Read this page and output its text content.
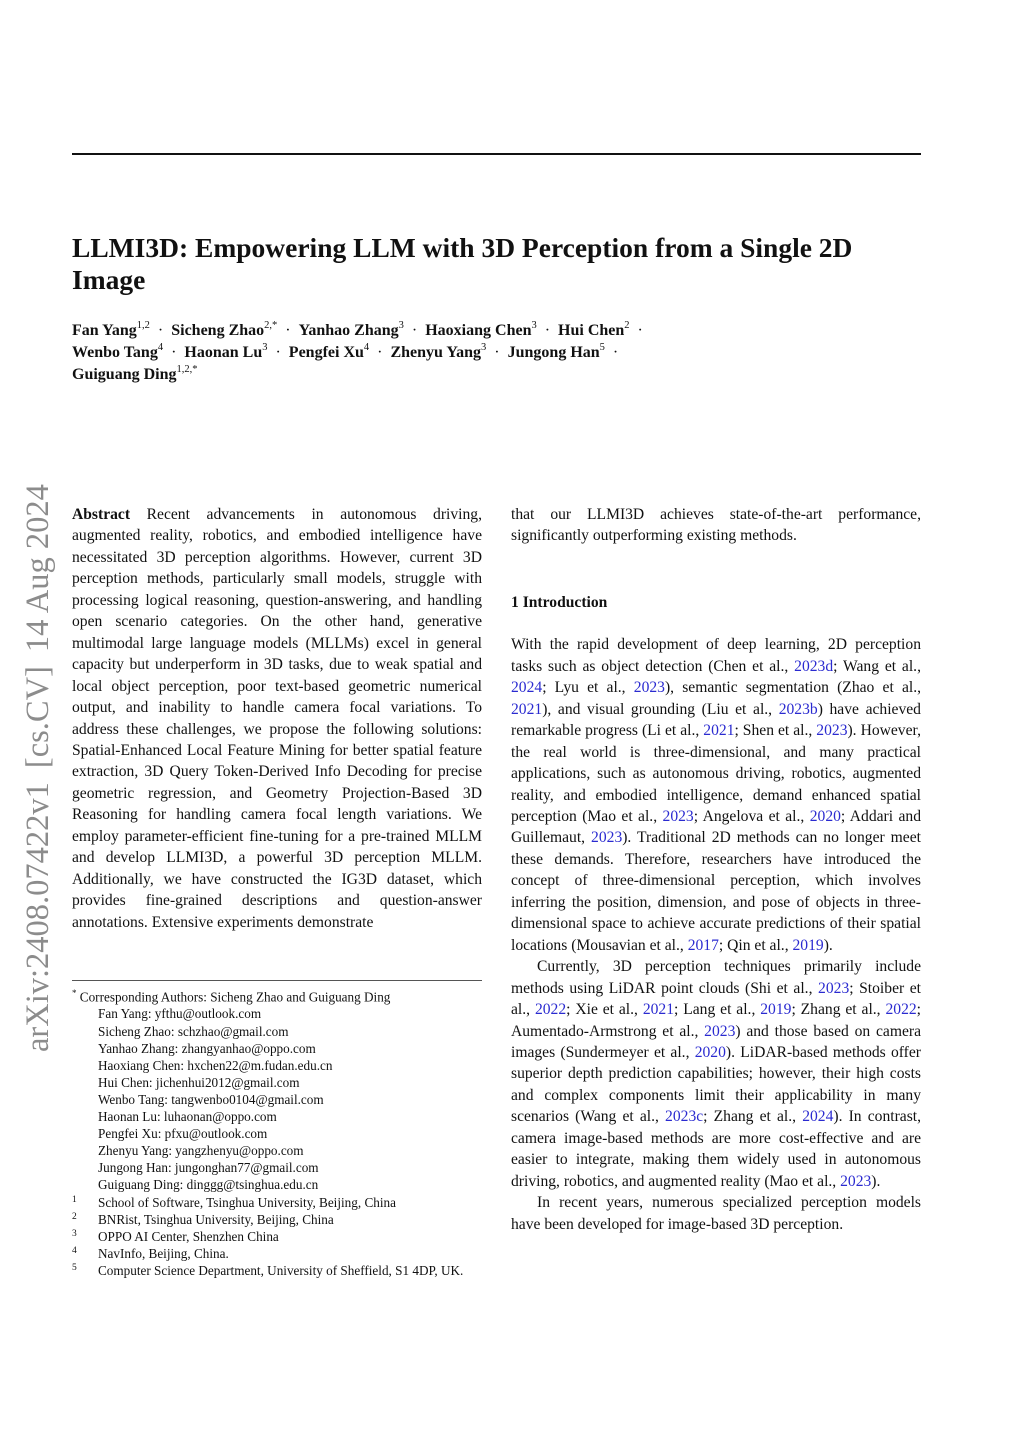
arXiv:2408.07422v1[cs.CV]14 Aug 2024
LLMI3D: Empowering LLM with 3D Perception from a Single 2D Image
Fan Yang$^{1,2}$  ·  Sicheng Zhao$^{2,*}$  ·  Yanhao Zhang$^3$  ·  Haoxiang Chen$^3$  ·  Hui Chen$^2$  ·
Wenbo Tang$^4$  ·  Haonan Lu$^3$  ·  Pengfei Xu$^4$  ·  Zhenyu Yang$^3$  ·  Jungong Han$^5$  ·
Guiguang Ding$^{1,2,*}$

Abstract Recent advancements in autonomous driving, augmented reality, robotics, and embodied intelligence have necessitated 3D perception algorithms. However, current 3D perception methods, particularly small models, struggle with processing logical reasoning, question-answering, and handling open scenario categories. On the other hand, generative multimodal large language models (MLLMs) excel in general capacity but underperform in 3D tasks, due to weak spatial and local object perception, poor text-based geometric numerical output, and inability to handle camera focal variations. To address these challenges, we propose the following solutions: Spatial-Enhanced Local Feature Mining for better spatial feature extraction, 3D Query Token-Derived Info Decoding for precise geometric regression, and Geometry Projection-Based 3D Reasoning for handling camera focal length variations. We employ parameter-efficient fine-tuning for a pre-trained MLLM and develop LLMI3D, a powerful 3D perception MLLM. Additionally, we have constructed the IG3D dataset, which provides fine-grained descriptions and question-answer annotations. Extensive experiments demonstrate

* Corresponding Authors: Sicheng Zhao and Guiguang Ding
Fan Yang: yfthu@outlook.com
Sicheng Zhao: schzhao@gmail.com
Yanhao Zhang: zhangyanhao@oppo.com
Haoxiang Chen: hxchen22@m.fudan.edu.cn
Hui Chen: jichenhui2012@gmail.com
Wenbo Tang: tangwenbo0104@gmail.com
Haonan Lu: luhaonan@oppo.com
Pengfei Xu: pfxu@outlook.com
Zhenyu Yang: yangzhenyu@oppo.com
Jungong Han: jungonghan77@gmail.com
Guiguang Ding: dinggg@tsinghua.edu.cn
1 School of Software, Tsinghua University, Beijing, China
2 BNRist, Tsinghua University, Beijing, China
3 OPPO AI Center, Shenzhen China
4 NavInfo, Beijing, China.
5 Computer Science Department, University of Sheffield, S1 4DP, UK.

that our LLMI3D achieves state-of-the-art performance, significantly outperforming existing methods.

1 Introduction

With the rapid development of deep learning, 2D perception tasks such as object detection (Chen et al., 2023d; Wang et al., 2024; Lyu et al., 2023), semantic segmentation (Zhao et al., 2021), and visual grounding (Liu et al., 2023b) have achieved remarkable progress (Li et al., 2021; Shen et al., 2023). However, the real world is three-dimensional, and many practical applications, such as autonomous driving, robotics, augmented reality, and embodied intelligence, demand enhanced spatial perception (Mao et al., 2023; Angelova et al., 2020; Addari and Guillemaut, 2023). Traditional 2D methods can no longer meet these demands. Therefore, researchers have introduced the concept of three-dimensional perception, which involves inferring the position, dimension, and pose of objects in three-dimensional space to achieve accurate predictions of their spatial locations (Mousavian et al., 2017; Qin et al., 2019).

Currently, 3D perception techniques primarily include methods using LiDAR point clouds (Shi et al., 2023; Stoiber et al., 2022; Xie et al., 2021; Lang et al., 2019; Zhang et al., 2022; Aumentado-Armstrong et al., 2023) and those based on camera images (Sundermeyer et al., 2020). LiDAR-based methods offer superior depth prediction capabilities; however, their high costs and complex components limit their applicability in many scenarios (Wang et al., 2023c; Zhang et al., 2024). In contrast, camera image-based methods are more cost-effective and are easier to integrate, making them widely used in autonomous driving, robotics, and augmented reality (Mao et al., 2023).

In recent years, numerous specialized perception models have been developed for image-based 3D perception.
